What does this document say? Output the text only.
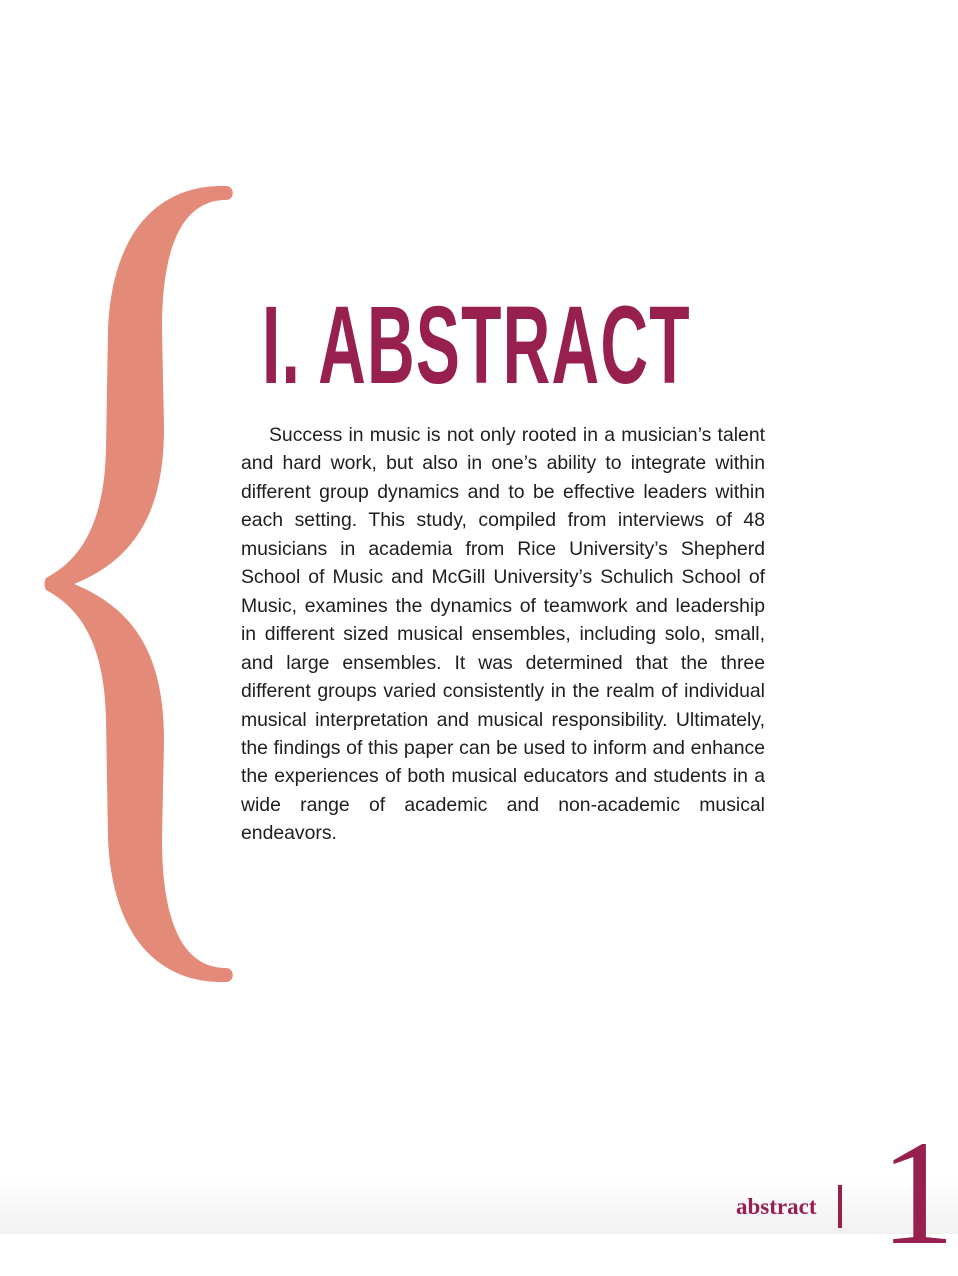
I. ABSTRACT

Success in music is not only rooted in a musician’s talent and hard work, but also in one’s ability to integrate within different group dynamics and to be effective leaders within each setting. This study, compiled from interviews of 48 musicians in academia from Rice University’s Shepherd School of Music and McGill University’s Schulich School of Music, examines the dynamics of teamwork and leadership in different sized musical ensembles, including solo, small, and large ensembles. It was determined that the three different groups varied consistently in the realm of individual musical interpretation and musical responsibility. Ultimately, the findings of this paper can be used to inform and enhance the experiences of both musical educators and students in a wide range of academic and non-academic musical endeavors.

abstract 1
